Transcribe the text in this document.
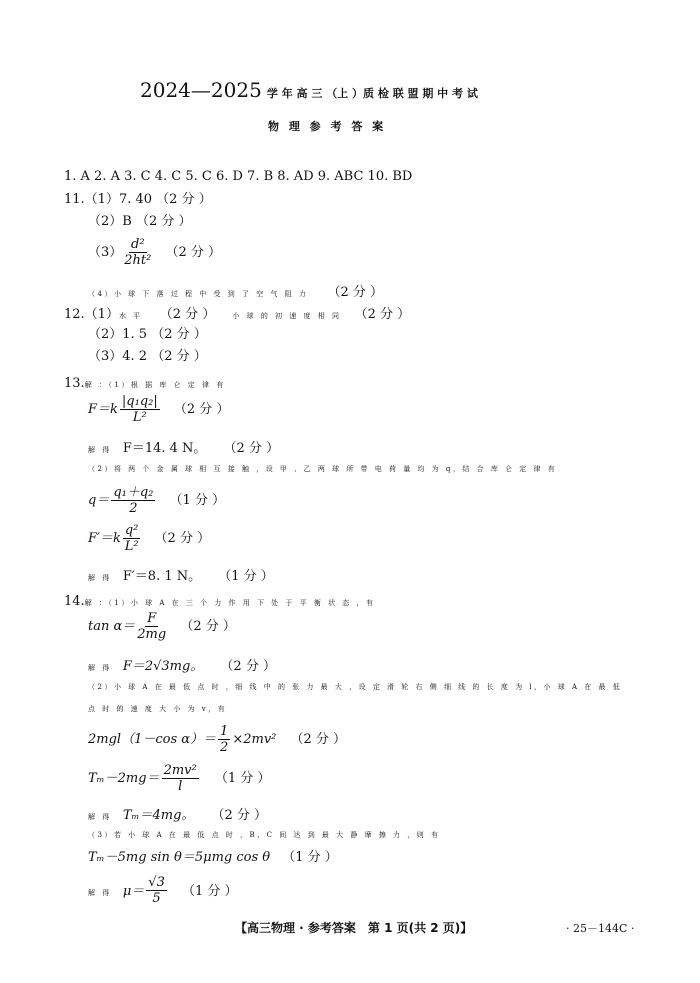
2024—2025 学 年 高 三 （上 ）质 检 联 盟 期 中 考 试
物 理 参 考 答 案
1. A 2. A 3. C 4. C 5. C 6. D 7. B 8. AD 9. ABC 10. BD
11.（1）7. 40 （2 分 ）
（2）B （2 分 ）
$(3) \frac{\text{d²}}{\text{2ht²}} (2$ 分 ）
（4）小 球 下 落 过 程 中 受 到 了 空 气 阻 力 （2 分 ）
12.（1）水 平 （2 分 ） 小 球 的 初 速 度 相 同 （2 分 ）
（2）1. 5 （2 分 ）
（3）4. 2 （2 分 ）
13.解 ：（1）根 据 库 仑 定 律 有
$F=k \frac{\text{|q₁q₂|}}{\text{L²}} (2$ 分 ）
解 得 F＝14. 4 N。 （2 分 ）
（2）将 两 个 金 属 球 相 互 接 触 ，设 甲 、乙 两 球 所 带 电 荷 量 均 为 q，结 合 库 仑 定 律 有
$q= \frac{\text{q₁＋q₂}}{2} (1$ 分 ）
$F'=k \frac{\text{q²}}{\text{L²}} (2$ 分 ）
解 得 F′＝8. 1 N。 （1 分 ）
14.解 ：（1）小 球 A 在 三 个 力 作 用 下 处 于 平 衡 状 态 ，有
$\tan \alpha= \frac{F}{2mg} (2$ 分 ）
解 得 F＝2√3mg。 （2 分 ）
（2）小 球 A 在 最 低 点 时 ，细 线 中 的 张 力 最 大 ，设 定 滑 轮 右 侧 细 线 的 长 度 为 l，小 球 A 在 最 低
点 时 的 速 度 大 小 为 v，有
2mgl（1－cos $\alpha)= \frac{1}{2} \times 2mv^2$ （2 分 ）
$T_m-2mg= \frac{\text{2mv²}}{l} (1$ 分 ）
解 得 Tₘ＝4mg。 （2 分 ）
（3）若 小 球 A 在 最 低 点 时 ，B、C 间 达 到 最 大 静 摩 擦 力 ，则 有
Tₘ－5mg sin θ＝5μmg cos θ （1 分 ）
解 得 $\mu= \frac{√3}{5} (1$ 分 ）
【高三物理 · 参考答案　第 1 页(共 2 页)】	· 25－144C ·
